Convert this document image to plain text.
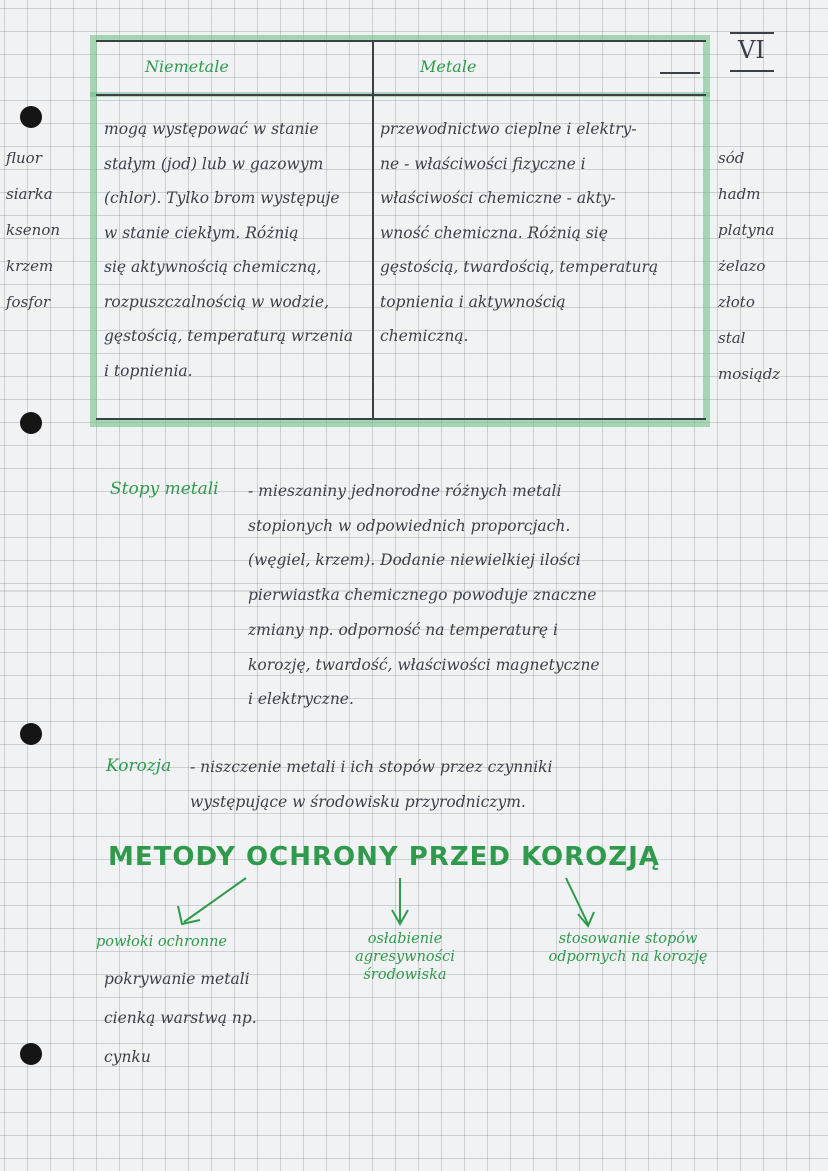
VI
Niemetale	Metale
mogą występować w stanie
stałym (jod) lub w gazowym
(chlor). Tylko brom występuje
w stanie ciekłym. Różnią
się aktywnością chemiczną,
rozpuszczalnością w wodzie,
gęstością, temperaturą wrzenia
i topnienia.
przewodnictwo cieplne i elektry-
ne - właściwości fizyczne i
właściwości chemiczne - akty-
wność chemiczna. Różnią się
gęstością, twardością, temperaturą
topnienia i aktywnością
chemiczną.
fluor
siarka
ksenon
krzem
fosfor
sód
hadm
platyna
żelazo
złoto
stal
mosiądz
Stopy metali - mieszaniny jednorodne różnych metali
stopionych w odpowiednich proporcjach.
(węgiel, krzem). Dodanie niewielkiej ilości
pierwiastka chemicznego powoduje znaczne
zmiany np. odporność na temperaturę i
korozję, twardość, właściwości magnetyczne
i elektryczne.
Korozja - niszczenie metali i ich stopów przez czynniki
występujące w środowisku przyrodniczym.
METODY OCHRONY PRZED KOROZJĄ
powłoki ochronne	osłabienie agresywności środowiska
stosowanie stopów odpornych na korozję
pokrywanie metali
cienką warstwą np.
cynku
